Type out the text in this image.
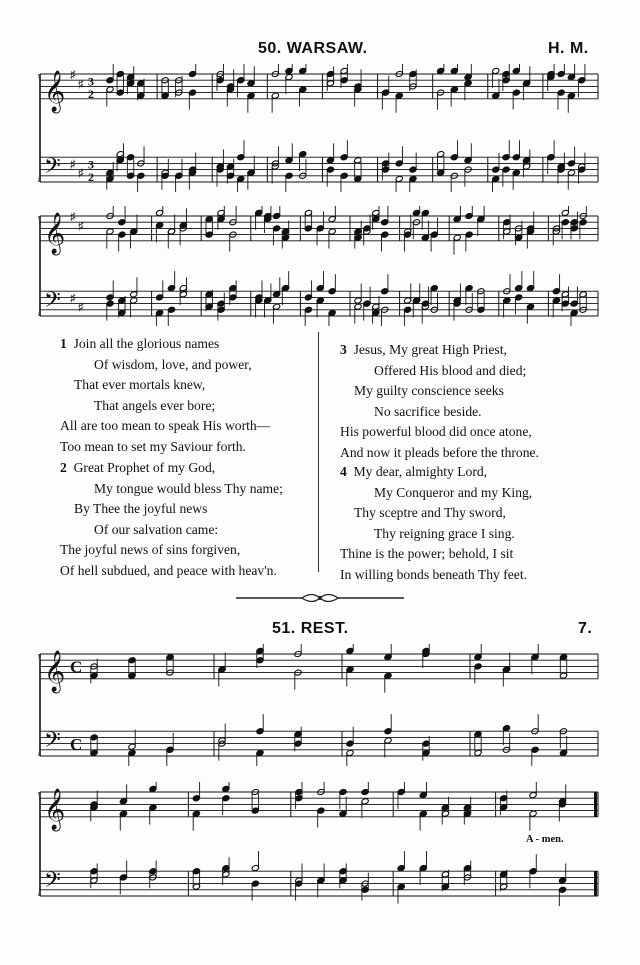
50. WARSAW.	H. M.
𝄞 ♯
♯ 3
2
𝄢 ♯
♯
3
2
𝄞 ♯
♯
𝄢 ♯
♯
1 Join all the glorious names
Of wisdom, love, and power,
That ever mortals knew,
That angels ever bore;
All are too mean to speak His worth—
Too mean to set my Saviour forth.
2 Great Prophet of my God,
My tongue would bless Thy name;
By Thee the joyful news
Of our salvation came:
The joyful news of sins forgiven,
Of hell subdued, and peace with heav'n.
3 Jesus, My great High Priest,
Offered His blood and died;
My guilty conscience seeks
No sacrifice beside.
His powerful blood did once atone,
And now it pleads before the throne.
4 My dear, almighty Lord,
My Conqueror and my King,
Thy sceptre and Thy sword,
Thy reigning grace I sing.
Thine is the power; behold, I sit
In willing bonds beneath Thy feet.
51. REST.	7.
𝄞 C
𝄢 C
𝄞
𝄢
A - men.
